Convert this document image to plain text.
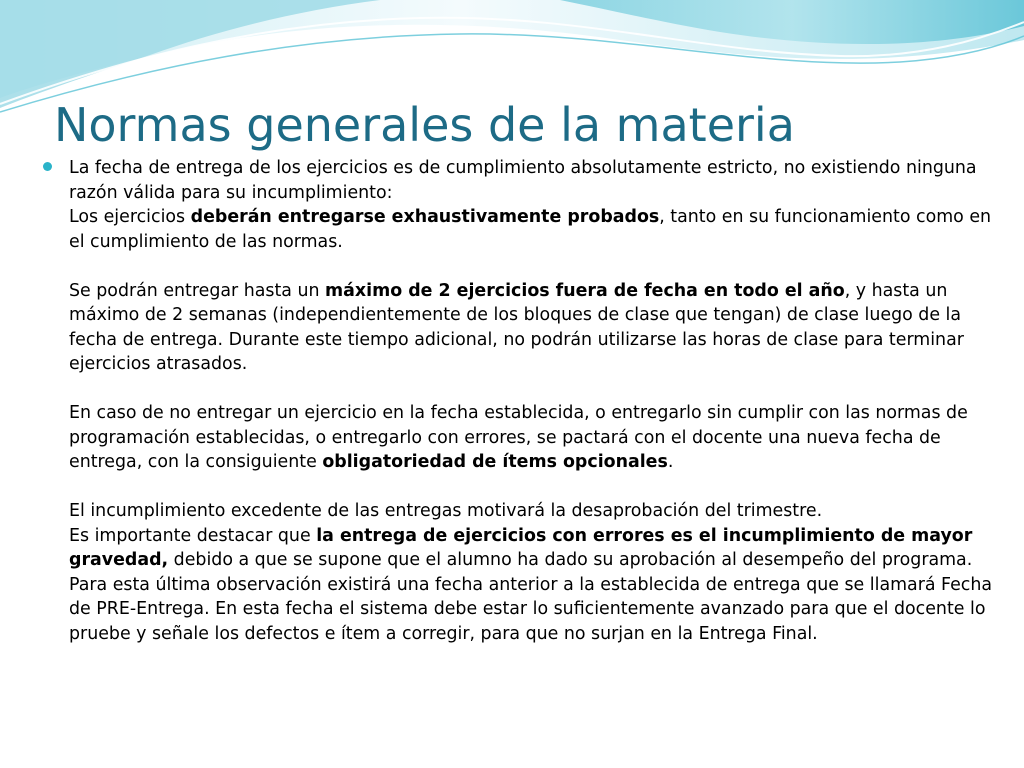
Normas generales de la materia

La fecha de entrega de los ejercicios es de cumplimiento absolutamente estricto, no existiendo ninguna razón válida para su incumplimiento:
Los ejercicios deberán entregarse exhaustivamente probados, tanto en su funcionamiento como en el cumplimiento de las normas.

Se podrán entregar hasta un máximo de 2 ejercicios fuera de fecha en todo el año, y hasta un máximo de 2 semanas (independientemente de los bloques de clase que tengan) de clase luego de la fecha de entrega. Durante este tiempo adicional, no podrán utilizarse las horas de clase para terminar ejercicios atrasados.

En caso de no entregar un ejercicio en la fecha establecida, o entregarlo sin cumplir con las normas de programación establecidas, o entregarlo con errores, se pactará con el docente una nueva fecha de entrega, con la consiguiente obligatoriedad de ítems opcionales.

El incumplimiento excedente de las entregas motivará la desaprobación del trimestre.
Es importante destacar que la entrega de ejercicios con errores es el incumplimiento de mayor gravedad, debido a que se supone que el alumno ha dado su aprobación al desempeño del programa.
Para esta última observación existirá una fecha anterior a la establecida de entrega que se llamará Fecha de PRE-Entrega. En esta fecha el sistema debe estar lo suficientemente avanzado para que el docente lo pruebe y señale los defectos e ítem a corregir, para que no surjan en la Entrega Final.
